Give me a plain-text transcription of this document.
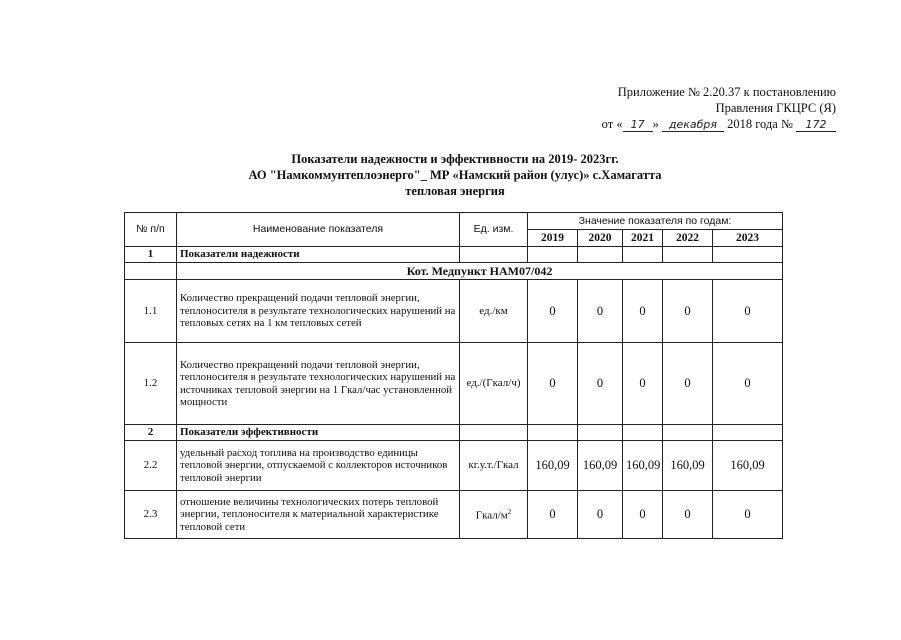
Приложение № 2.20.37 к постановлению
Правления ГКЦРС (Я)
от « 17 » декабря 2018 года № 172
Показатели надежности и эффективности на 2019- 2023гг.
АО "Намкоммунтеплоэнерго"_ МР «Намский район (улус)» с.Хамагатта
тепловая энергия
№ п/п	Наименование показателя	Ед. изм.	Значение показателя по годам:				
			2019	2020	2021	2022	2023
1	Показатели надежности						
	Кот. Медпункт НАМ07/042						
1.1	Количество прекращений подачи тепловой энергии, теплоносителя в результате технологических нарушений на тепловых сетях на 1 км тепловых сетей	ед./км	0	0	0	0	0
1.2	Количество прекращений подачи тепловой энергии, теплоносителя в результате технологических нарушений на источниках тепловой энергии на 1 Гкал/час установленной мощности	ед./(Гкал/ч)	0	0	0	0	0
2	Показатели эффективности						
2.2	удельный расход топлива на производство единицы тепловой энергии, отпускаемой с коллекторов источников тепловой энергии	кг.у.т./Гкал	160,09	160,09	160,09	160,09	160,09
2.3	отношение величины технологических потерь тепловой энергии, теплоносителя к материальной характеристике тепловой сети	Гкал/$м^2$	0	0	0	0	0
